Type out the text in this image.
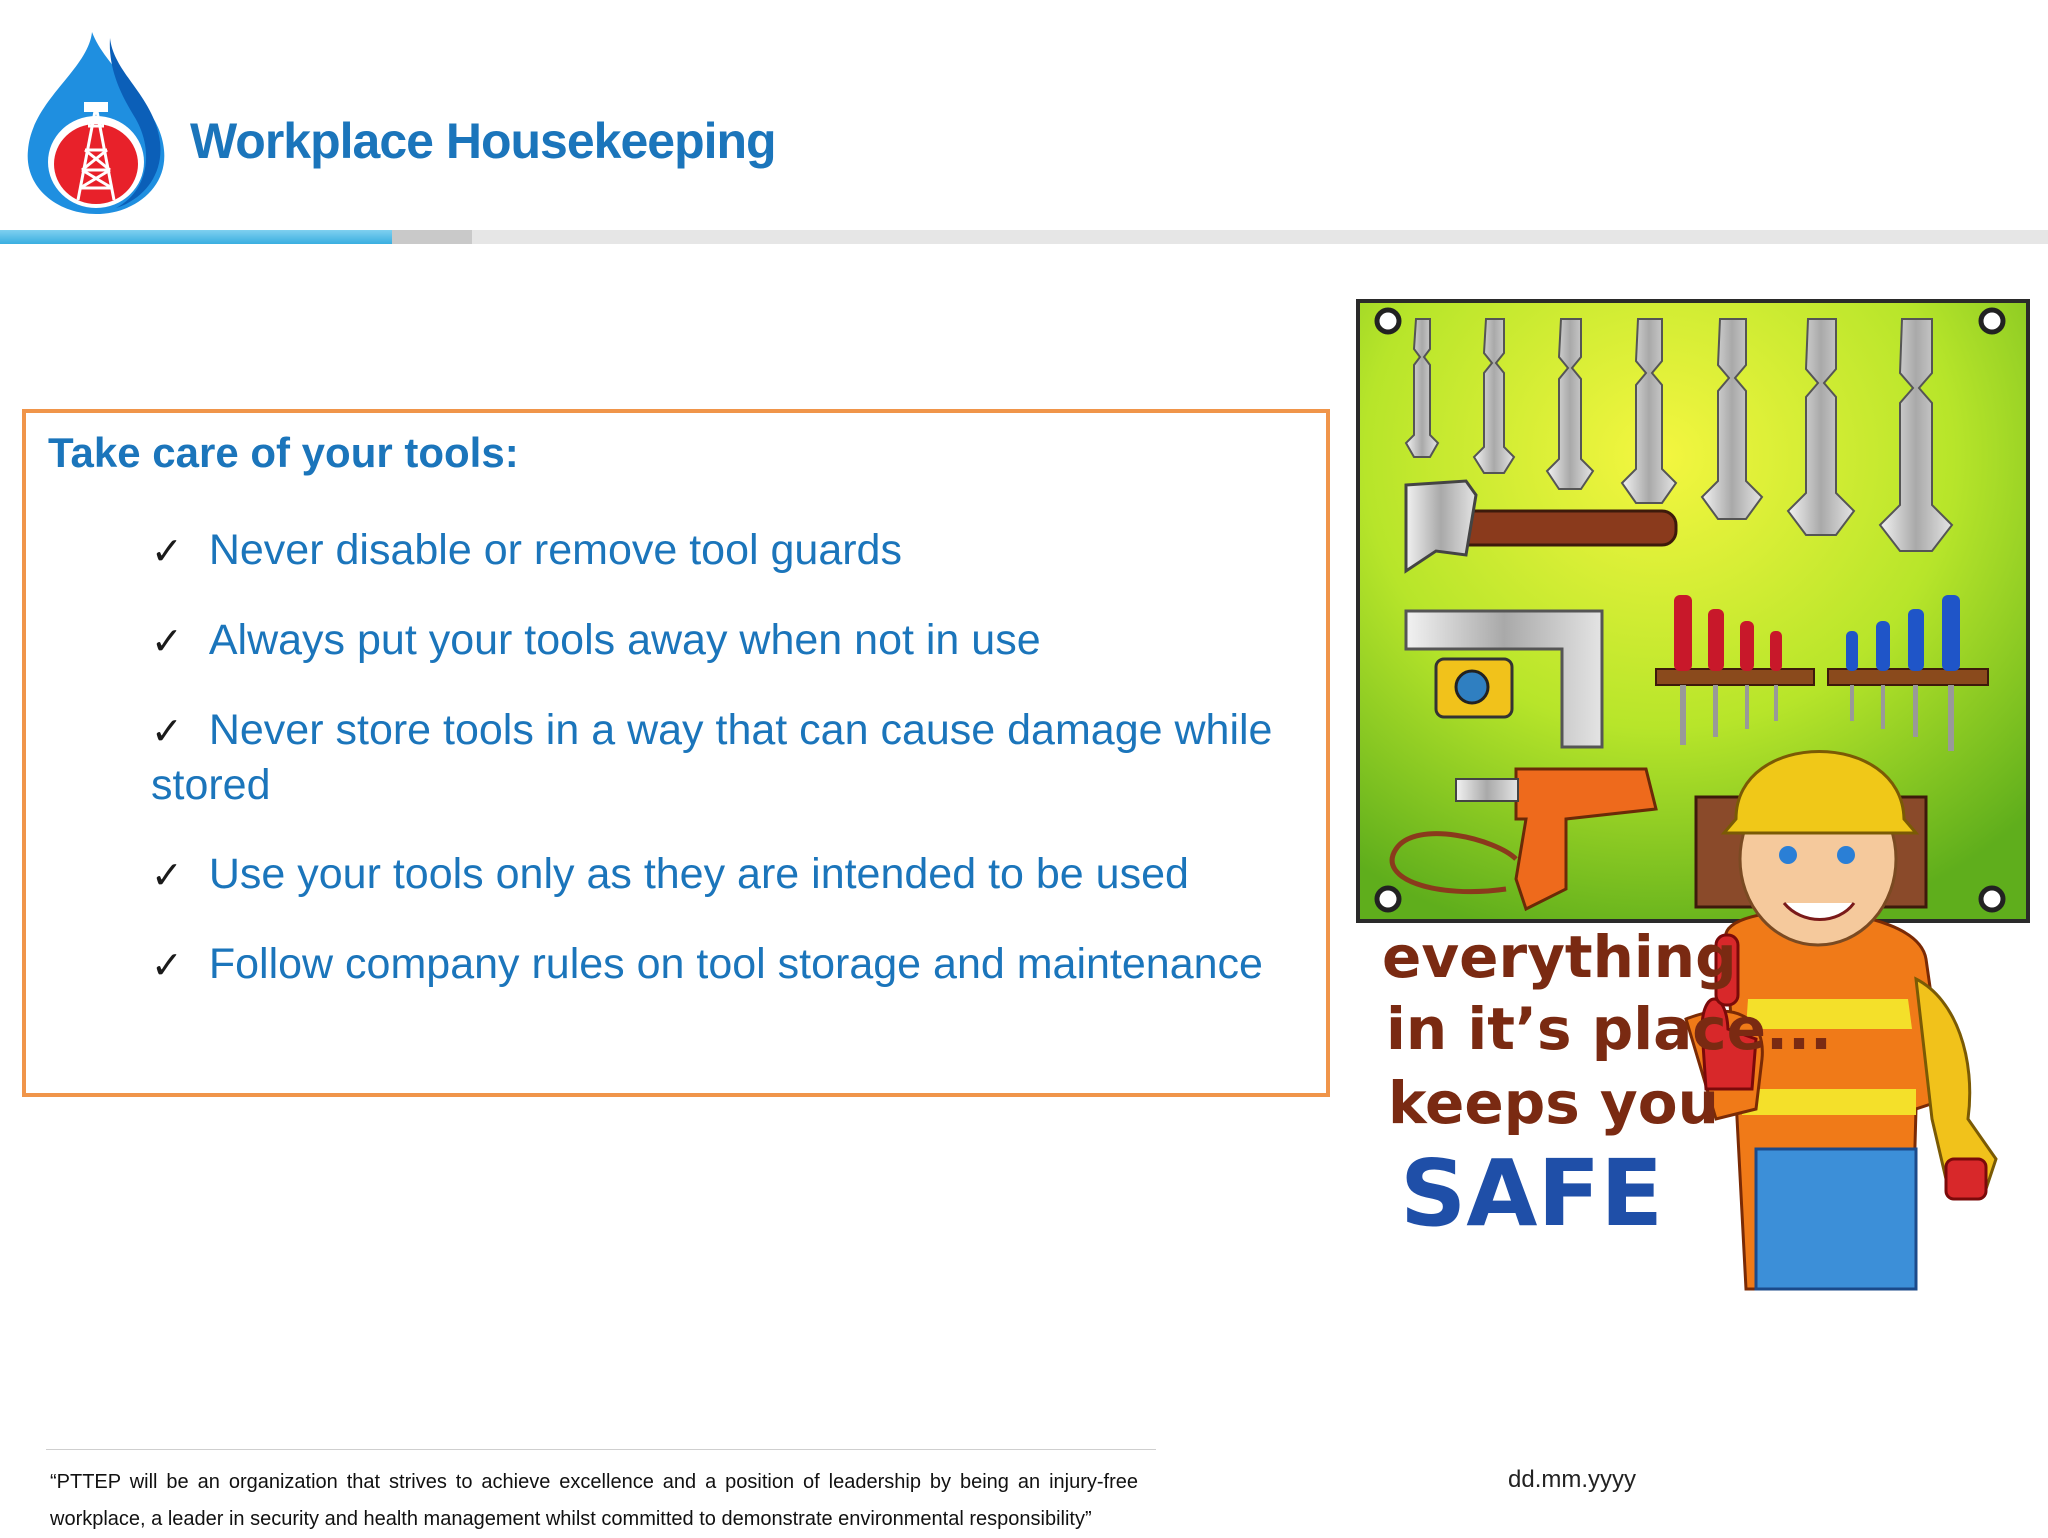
Workplace Housekeeping
Take care of your tools:
✓ Never disable or remove tool guards
✓ Always put your tools away when not in use
✓ Never store tools in a way that can cause damage while stored
✓ Use your tools only as they are intended to be used
✓ Follow company rules on tool storage and maintenance	everything
in it’s place...
keeps you
SAFE
“PTTEP will be an organization that strives to achieve excellence and a position of leadership by being an injury-free workplace, a leader in security and health management whilst committed to demonstrate environmental responsibility”
dd.mm.yyyy
